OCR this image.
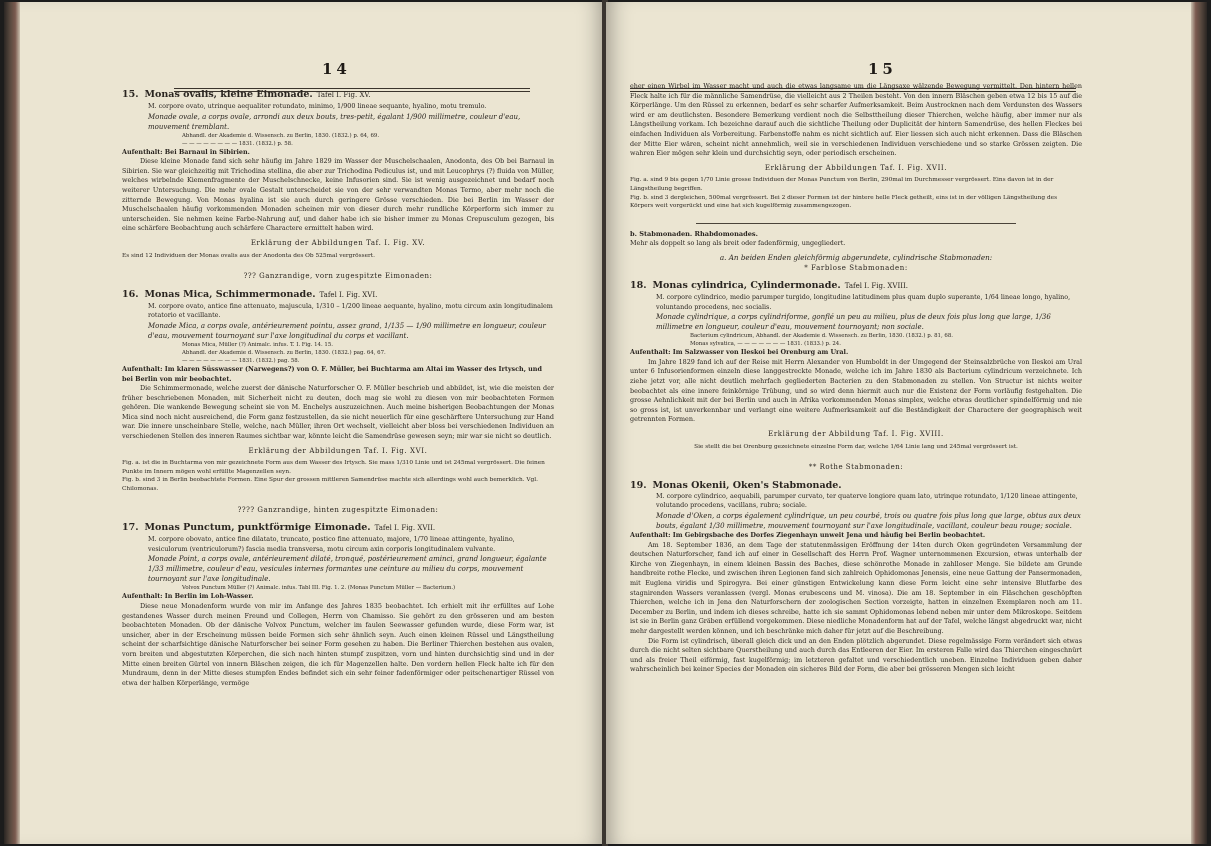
14

15. Monas ovalis, kleine Eimonade. Tafel I. Fig. XV.

M. corpore ovato, utrinque aequaliter rotundato, minimo, 1/900 lineae sequante, hyalino, motu tremulo.

Monade ovale, a corps ovale, arrondi aux deux bouts, tres-petit, égalant 1/900 millimetre, couleur d'eau, mouvement tremblant.

Abhandl. der Akademie d. Wissensch. zu Berlin, 1830. (1832.) p. 64, 69.

— — — — — — — — 1831. (1832.) p. 58.

Aufenthalt: Bei Barnaul in Sibirien.

Diese kleine Monade fand sich sehr häufig im Jahre 1829 im Wasser der Muschelschaalen, Anodonta, des Ob bei Barnaul in Sibirien. Sie war gleichzeitig mit Trichodina stellina, die aber zur Trichodina Pediculus ist, und mit Leucophrys (?) fluida von Müller, welches wirbelnde Kiemenfragmente der Muschelschnecke, keine Infusorien sind. Sie ist wenig ausgezeichnet und bedarf noch weiterer Untersuchung. Die mehr ovale Gestalt unterscheidet sie von der sehr verwandten Monas Termo, aber mehr noch die zitternde Bewegung. Von Monas hyalina ist sie auch durch geringere Grösse verschieden. Die bei Berlin im Wasser der Muschelschaalen häufig vorkommenden Monaden scheinen mir von dieser durch mehr rundliche Körperform sich immer zu unterscheiden. Sie nehmen keine Farbe-Nahrung auf, und daher habe ich sie bisher immer zu Monas Crepusculum gezogen, bis eine schärfere Beobachtung auch schärfere Charactere ermittelt haben wird.

Erklärung der Abbildungen Taf. I. Fig. XV.

Es sind 12 Individuen der Monas ovalis aus der Anodonta des Ob 525mal vergrössert.

??? Ganzrandige, vorn zugespitzte Eimonaden:

16. Monas Mica, Schimmermonade. Tafel I. Fig. XVI.

M. corpore ovato, antice fine attenuato, majuscula, 1/310 – 1/200 lineae aequante, hyalino, motu circum axin longitudinalem rotatorio et vacillante.

Monade Mica, a corps ovale, antérieurement pointu, assez grand, 1/135 — 1/90 millimetre en longueur, couleur d'eau, mouvement tournoyant sur l'axe longitudinal du corps et vacillant.

Monas Mica, Müller (?) Animalc. infus. T. I. Fig. 14. 15.

Abhandl. der Akademie d. Wissensch. zu Berlin, 1830. (1832.) pag. 64, 67.

— — — — — — — — 1831. (1832.) pag. 58.

Aufenthalt: Im klaren Süsswasser (Narwegens?) von O. F. Müller, bei Buchtarma am Altai im Wasser des Irtysch, und bei Berlin von mir beobachtet.

Die Schimmermonade, welche zuerst der dänische Naturforscher O. F. Müller beschrieb und abbildet, ist, wie die meisten der früher beschriebenen Monaden, mit Sicherheit nicht zu deuten, doch mag sie wohl zu diesen von mir beobachteten Formen gehören. Die wankende Bewegung scheint sie von M. Enchelys auszuzeichnen. Auch meine bisherigen Beobachtungen der Monas Mica sind noch nicht ausreichend, die Form ganz festzustellen, da sie nicht neuerlich für eine geschärftere Untersuchung zur Hand war. Die innere unscheinbare Stelle, welche, nach Müller, ihren Ort wechselt, vielleicht aber bloss bei verschiedenen Individuen an verschiedenen Stellen des inneren Raumes sichtbar war, könnte leicht die Samendrüse gewesen seyn; mir war sie nicht so deutlich.

Erklärung der Abbildungen Taf. I. Fig. XVI.

Fig. a. ist die in Buchtarma von mir gezeichnete Form aus dem Wasser des Irtysch. Sie mass 1/310 Linie und ist 245mal vergrössert. Die feinen Punkte im Innern mögen wohl erfüllte Magenzellen seyn.

Fig. b. sind 3 in Berlin beobachtete Formen. Eine Spur der grossen mittleren Samendrüse machte sich allerdings wohl auch bemerklich. Vgl. Chilomonas.

???? Ganzrandige, hinten zugespitzte Eimonaden:

17. Monas Punctum, punktförmige Eimonade. Tafel I. Fig. XVII.

M. corpore obovato, antice fine dilatato, truncato, postico fine attenuato, majore, 1/70 lineae attingente, hyalino, vesiculorum (ventriculorum?) fascia media transversa, motu circum axin corporis longitudinalem vulvante.

Monade Point, a corps ovale, antérieurement dilaté, tronqué, postérieurement aminci, grand longueur, égalante 1/33 millimetre, couleur d'eau, vesicules internes formantes une ceinture au milieu du corps, mouvement tournoyant sur l'axe longitudinale.

Volvox Punctum Müller (?) Animalc. infus. Tabl III. Fig. 1. 2. (Monas Punctum Müller — Bacterium.)

Aufenthalt: In Berlin im Loh-Wasser.

Diese neue Monadenform wurde von mir im Anfange des Jahres 1835 beobachtet. Ich erhielt mit ihr erfülltes auf Lohe gestandenes Wasser durch meinen Freund und Collegen, Herrn von Chamisso. Sie gehört zu den grösseren und am besten beobachteten Monaden. Ob der dänische Volvox Punctum, welcher im faulen Seewasser gefunden wurde, diese Form war, ist unsicher, aber in der Erscheinung müssen beide Formen sich sehr ähnlich seyn. Auch einen kleinen Rüssel und Längstheilung scheint der scharfsichtige dänische Naturforscher bei seiner Form gesehen zu haben. Die Berliner Thierchen bestehen aus ovalen, vorn breiten und abgestutzten Körperchen, die sich nach hinten stumpf zuspitzen, vorn und hinten durchsichtig sind und in der Mitte einen breiten Gürtel von innern Bläschen zeigen, die ich für Magenzellen halte. Den vordern hellen Fleck halte ich für den Mundraum, denn in der Mitte dieses stumpfen Endes befindet sich ein sehr feiner fadenförmiger oder peitschenartiger Rüssel von etwa der halben Körperlänge, vermöge

15

eher einen Wirbel im Wasser macht und auch die etwas langsame um die Längsaxe wälzende Bewegung vermittelt. Den hintern hellen Fleck halte ich für die männliche Samendrüse, die vielleicht aus 2 Theilen besteht. Von den innern Bläschen geben etwa 12 bis 15 auf die Körperlänge. Um den Rüssel zu erkennen, bedarf es sehr scharfer Aufmerksamkeit. Beim Austrocknen nach dem Verdunsten des Wassers wird er am deutlichsten. Besondere Bemerkung verdient noch die Selbsttheilung dieser Thierchen, welche häufig, aber immer nur als Längstheilung vorkam. Ich bezeichne darauf auch die sichtliche Theilung oder Duplicität der hintern Samendrüse, des hellen Fleckes bei einfachen Individuen als Vorbereitung. Farbenstoffe nahm es nicht sichtlich auf. Eier liessen sich auch nicht erkennen. Dass die Bläschen der Mitte Eier wären, scheint nicht annehmlich, weil sie in verschiedenen Individuen verschiedene und so starke Grössen zeigten. Die wahren Eier mögen sehr klein und durchsichtig seyn, oder periodisch erscheinen.

Erklärung der Abbildungen Taf. I. Fig. XVII.

Fig. a. sind 9 bis gegen 1/70 Linie grosse Individuen der Monas Punctum von Berlin, 290mal im Durchmesser vergrössert. Eins davon ist in der Längstheilung begriffen.

Fig. b. sind 3 dergleichen, 500mal vergrössert. Bei 2 dieser Formen ist der hintere helle Fleck getheilt, eins ist in der völligen Längstheilung des Körpers weit vorgerückt und eine hat sich kugelförmig zusammengezogen.

b. Stabmonaden. Rhabdomonades.

Mehr als doppelt so lang als breit oder fadenförmig, ungegliedert.

a. An beiden Enden gleichförmig abgerundete, cylindrische Stabmonaden:

* Farblose Stabmonaden:

18. Monas cylindrica, Cylindermonade. Tafel I. Fig. XVIII.

M. corpore cylindrico, medio parumper turgido, longitudine latitudinem plus quam duplo superante, 1/64 lineae longo, hyalino, voluntando procedens, nec socialis.

Monade cylindrique, a corps cylindriforme, gonflé un peu au milieu, plus de deux fois plus long que large, 1/36 millimetre en longueur, couleur d'eau, mouvement tournoyant; non sociale.

Bacterium cylindricum, Abhandl. der Akademie d. Wissensch. zu Berlin, 1830. (1832.) p. 81, 68.

Monas sylvatica, — — — — — — — 1831. (1833.) p. 24.

Aufenthalt: Im Salzwasser von Ileskoi bei Orenburg am Ural.

Im Jahre 1829 fand ich auf der Reise mit Herrn Alexander von Humboldt in der Umgegend der Steinsalzbrüche von Ileskoi am Ural unter 6 Infusorienformen einzeln diese langgestreckte Monade, welche ich im Jahre 1830 als Bacterium cylindricum verzeichnete. Ich ziehe jetzt vor, alle nicht deutlich mehrfach gegliederten Bacterien zu den Stabmonaden zu stellen. Von Structur ist nichts weiter beobachtet als eine innere feinkörnige Trübung, und so wird denn hiermit auch nur die Existenz der Form vorläufig festgehalten. Die grosse Aehnlichkeit mit der bei Berlin und auch in Afrika vorkommenden Monas simplex, welche etwas deutlicher spindelförmig und nie so gross ist, ist unverkennbar und verlangt eine weitere Aufmerksamkeit auf die Beständigkeit der Charactere der geographisch weit getrennten Formen.

Erklärung der Abbildung Taf. I. Fig. XVIII.

Sie stellt die bei Orenburg gezeichnete einzelne Form dar, welche 1/64 Linie lang und 245mal vergrössert ist.

** Rothe Stabmonaden:

19. Monas Okenii, Oken's Stabmonade.

M. corpore cylindrico, aequabili, parumper curvato, ter quaterve longiore quam lato, utrinque rotundato, 1/120 lineae attingente, volutando procedens, vacillans, rubra; sociale.

Monade d'Oken, a corps également cylindrique, un peu courbé, trois ou quatre fois plus long que large, obtus aux deux bouts, égalant 1/30 millimetre, mouvement tournoyant sur l'axe longitudinale, vacillant, couleur beau rouge; sociale.

Aufenthalt: Im Gebirgsbache des Dorfes Ziegenhayn unweit Jena und häufig bei Berlin beobachtet.

Am 18. September 1836, an dem Tage der statutenmässigen Eröffnung der 14ten durch Oken gegründeten Versammlung der deutschen Naturforscher, fand ich auf einer in Gesellschaft des Herrn Prof. Wagner unternommenen Excursion, etwas unterhalb der Kirche von Ziegenhayn, in einem kleinen Bassin des Baches, diese schönrothe Monade in zahlloser Menge. Sie bildete am Grunde handbreite rothe Flecke, und zwischen ihren Legionen fand sich zahlreich Ophidomonas Jenensis, eine neue Gattung der Pansermonaden, mit Euglena viridis und Spirogyra. Bei einer günstigen Entwickelung kann diese Form leicht eine sehr intensive Blutfarbe des stagnirenden Wassers veranlassen (vergl. Monas erubescens und M. vinosa). Die am 18. September in ein Fläschchen geschöpften Thierchen, welche ich in Jena den Naturforschern der zoologischen Section vorzeigte, hatten in einzelnen Exemplaren noch am 11. December zu Berlin, und indem ich dieses schreibe, hatte ich sie sammt Ophidomonas lebend neben mir unter dem Mikroskope. Seitdem ist sie in Berlin ganz Gräben erfüllend vorgekommen. Diese niedliche Monadenform hat auf der Tafel, welche längst abgedruckt war, nicht mehr dargestellt werden können, und ich beschränke mich daher für jetzt auf die Beschreibung.

Die Form ist cylindrisch, überall gleich dick und an den Enden plötzlich abgerundet. Diese regelmässige Form verändert sich etwas durch die nicht selten sichtbare Querstheilung und auch durch das Entleeren der Eier. Im ersteren Falle wird das Thierchen eingeschnürt und als freier Theil eiförmig, fast kugelförmig; im letzteren gefaltet und verschiedentlich uneben. Einzelne Individuen geben daher wahrscheinlich bei keiner Species der Monaden ein sicheres Bild der Form, die aber bei grösseren Mengen sich leicht
